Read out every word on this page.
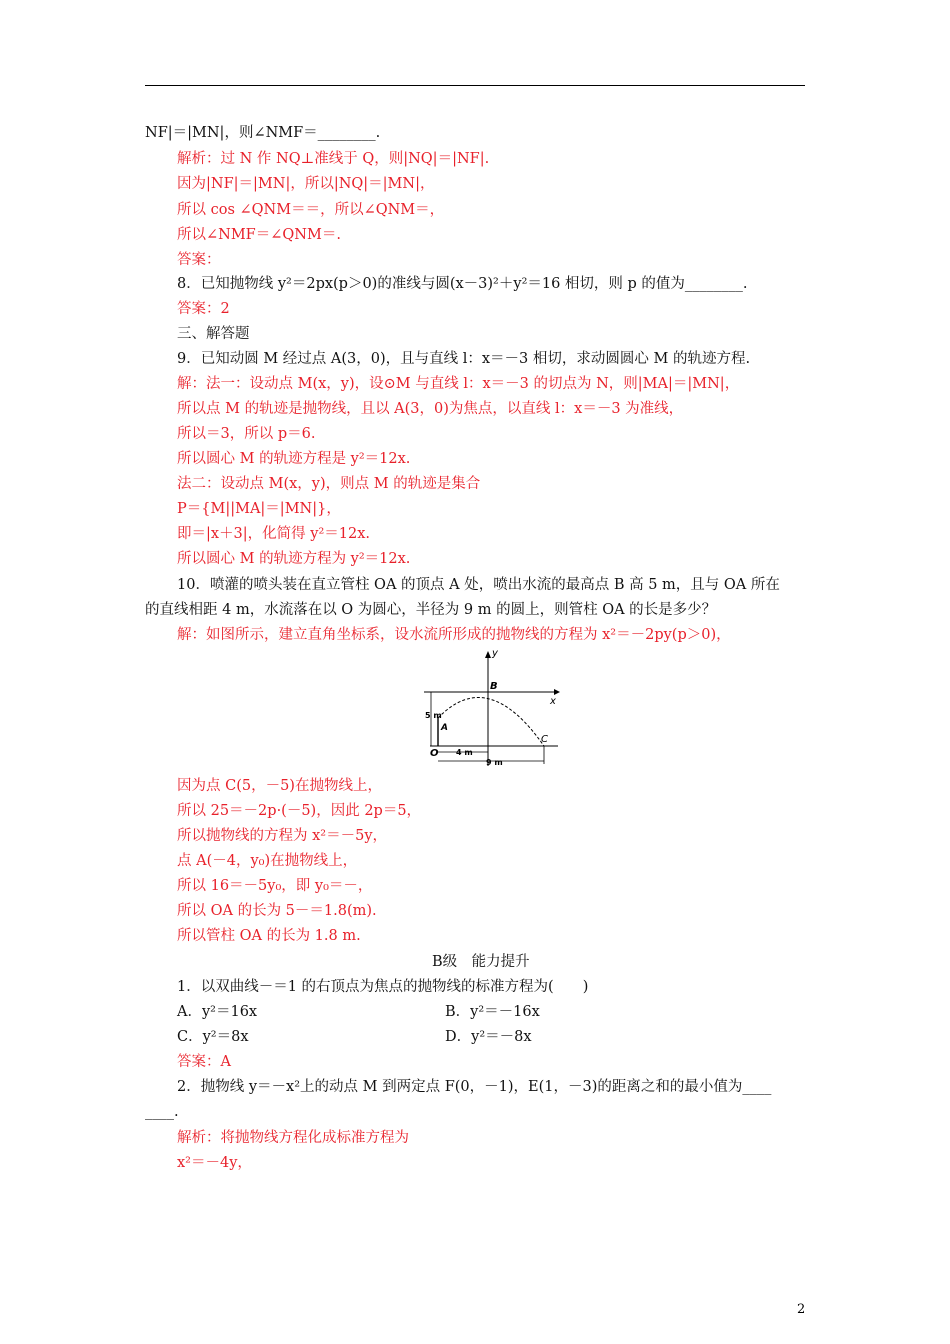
NF|＝|MN|，则∠NMF＝________.
解析：过 N 作 NQ⊥准线于 Q，则|NQ|＝|NF|.
因为|NF|＝|MN|，所以|NQ|＝|MN|，
所以 cos ∠QNM＝＝，所以∠QNM＝，
所以∠NMF＝∠QNM＝.
答案：
8．已知抛物线 y²＝2px(p＞0)的准线与圆(x－3)²＋y²＝16 相切，则 p 的值为________.
答案：2
三、解答题
9．已知动圆 M 经过点 A(3，0)，且与直线 l：x＝－3 相切，求动圆圆心 M 的轨迹方程.
解：法一：设动点 M(x，y)，设⊙M 与直线 l：x＝－3 的切点为 N，则|MA|＝|MN|，
所以点 M 的轨迹是抛物线，且以 A(3，0)为焦点，以直线 l：x＝－3 为准线，
所以＝3，所以 p＝6.
所以圆心 M 的轨迹方程是 y²＝12x.
法二：设动点 M(x，y)，则点 M 的轨迹是集合
P＝{M||MA|＝|MN|}，
即＝|x＋3|，化简得 y²＝12x.
所以圆心 M 的轨迹方程为 y²＝12x.
10．喷灌的喷头装在直立管柱 OA 的顶点 A 处，喷出水流的最高点 B 高 5 m，且与 OA 所在
的直线相距 4 m，水流落在以 O 为圆心，半径为 9 m 的圆上，则管柱 OA 的长是多少？
解：如图所示，建立直角坐标系，设水流所形成的抛物线的方程为 x²＝－2py(p＞0)，
因为点 C(5，－5)在抛物线上，
所以 25＝－2p·(－5)，因此 2p＝5，
所以抛物线的方程为 x²＝－5y，
点 A(－4，y₀)在抛物线上，
所以 16＝－5y₀，即 y₀＝－，
所以 OA 的长为 5－＝1.8(m).
所以管柱 OA 的长为 1.8 m.
B级　能力提升
1．以双曲线－＝1 的右顶点为焦点的抛物线的标准方程为(　　)
A．y²＝16x	B．y²＝－16x
C．y²＝8x	D．y²＝－8x
答案：A
2．抛物线 y＝－x²上的动点 M 到两定点 F(0，－1)，E(1，－3)的距离之和的最小值为____
____.
解析：将抛物线方程化成标准方程为
x²＝－4y，
y
x
B
A
O
C
5 m
4 m
9 m
2
